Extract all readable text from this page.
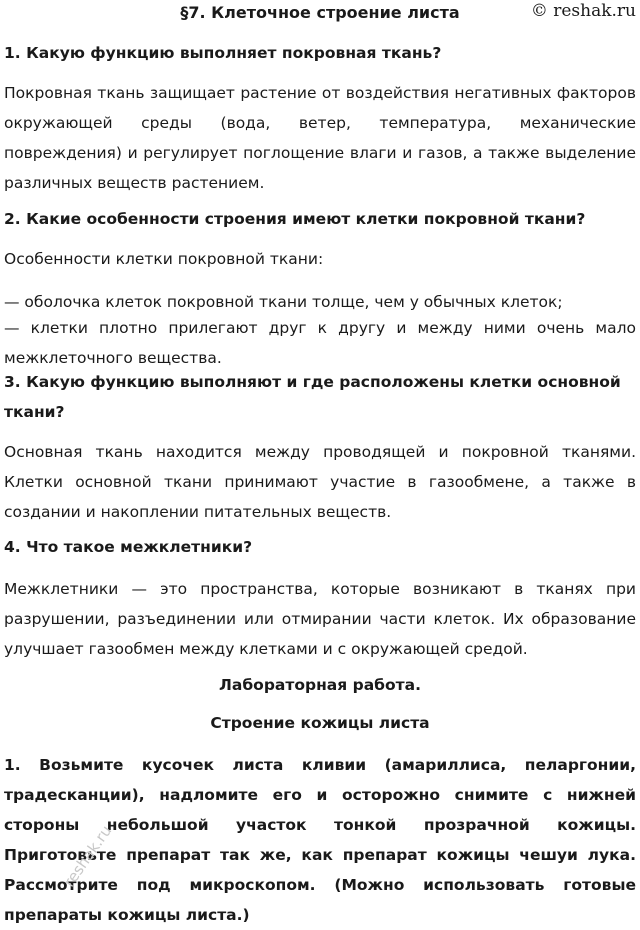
§7. Клеточное строение листа	© reshak.ru
1. Какую функцию выполняет покровная ткань?

Покровная ткань защищает растение от воздействия негативных факторов окружающей среды (вода, ветер, температура, механические повреждения) и регулирует поглощение влаги и газов, а также выделение различных веществ растением.

2. Какие особенности строения имеют клетки покровной ткани?

Особенности клетки покровной ткани:

— оболочка клеток покровной ткани толще, чем у обычных клеток;

— клетки плотно прилегают друг к другу и между ними очень мало межклеточного вещества.

3. Какую функцию выполняют и где расположены клетки основной ткани?

Основная ткань находится между проводящей и покровной тканями. Клетки основной ткани принимают участие в газообмене, а также в создании и накоплении питательных веществ.

4. Что такое межклетники?

Межклетники — это пространства, которые возникают в тканях при разрушении, разъединении или отмирании части клеток. Их образование улучшает газообмен между клетками и с окружающей средой.

Лабораторная работа.
Строение кожицы листа

1. Возьмите кусочек листа кливии (амариллиса, пеларгонии, традесканции), надломите его и осторожно снимите с нижней стороны небольшой участок тонкой прозрачной кожицы. Приготовьте препарат так же, как препарат кожицы чешуи лука. Рассмотрите под микроскопом. (Можно использовать готовые препараты кожицы листа.)

reshak.ru
